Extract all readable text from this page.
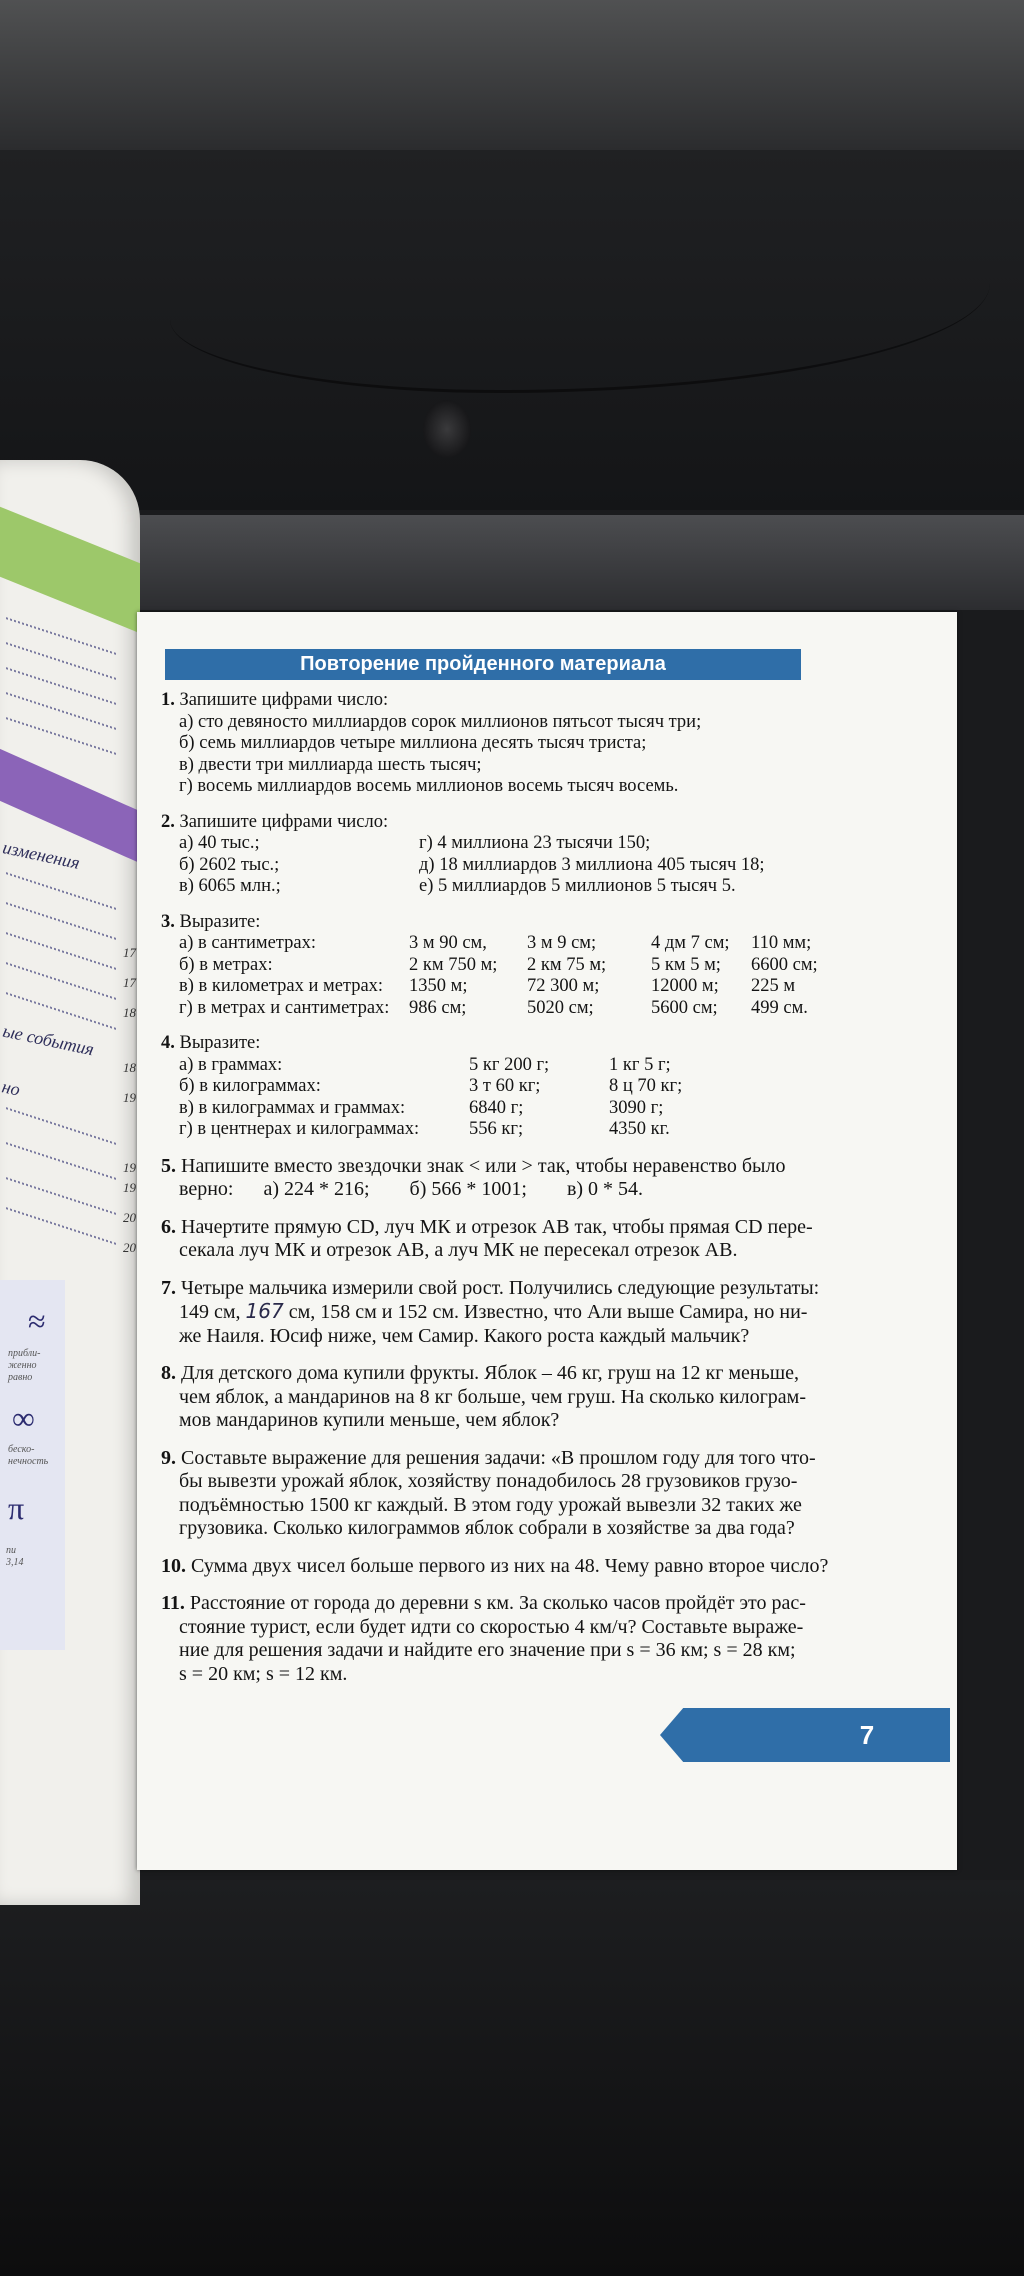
изменения
ые события
но
17
17
18
18
19
19
19
20
20
≈
прибли-
женно
равно
∞
беско-
нечность
π
пи
3,14
Повторение пройденного материала

1. Запишите цифрами число:

а) сто девяносто миллиардов сорок миллионов пятьсот тысяч три;

б) семь миллиардов четыре миллиона десять тысяч триста;

в) двести три миллиарда шесть тысяч;

г) восемь миллиардов восемь миллионов восемь тысяч восемь.

2. Запишите цифрами число:

а) 40 тыс.;	г) 4 миллиона 23 тысячи 150;
б) 2602 тыс.;	д) 18 миллиардов 3 миллиона 405 тысяч 18;
в) 6065 млн.;	е) 5 миллиардов 5 миллионов 5 тысяч 5.

3. Выразите:

а) в сантиметрах:	3 м 90 см,	3 м 9 см;	4 дм 7 см;	110 мм;
б) в метрах:	2 км 750 м;	2 км 75 м;	5 км 5 м;	6600 см;
в) в километрах и метрах:	1350 м;	72 300 м;	12000 м;	225 м
г) в метрах и сантиметрах:	986 см;	5020 см;	5600 см;	499 см.

4. Выразите:

а) в граммах:	5 кг 200 г;	1 кг 5 г;
б) в килограммах:	3 т 60 кг;	8 ц 70 кг;
в) в килограммах и граммах:	6840 г;	3090 г;
г) в центнерах и килограммах:	556 кг;	4350 кг.

5. Напишите вместо звездочки знак < или > так, чтобы неравенство было

верно:      а) 224 * 216;        б) 566 * 1001;        в) 0 * 54.

6. Начертите прямую CD, луч МК и отрезок АВ так, чтобы прямая CD пере-

секала луч МК и отрезок АВ, а луч МК не пересекал отрезок АВ.

7. Четыре мальчика измерили свой рост. Получились следующие результаты:

149 см, 167 см, 158 см и 152 см. Известно, что Али выше Самира, но ни-

же Наиля. Юсиф ниже, чем Самир. Какого роста каждый мальчик?

8. Для детского дома купили фрукты. Яблок – 46 кг, груш на 12 кг меньше,

чем яблок, а мандаринов на 8 кг больше, чем груш. На сколько килограм-

мов мандаринов купили меньше, чем яблок?

9. Составьте выражение для решения задачи: «В прошлом году для того что-

бы вывезти урожай яблок, хозяйству понадобилось 28 грузовиков грузо-

подъёмностью 1500 кг каждый. В этом году урожай вывезли 32 таких же

грузовика. Сколько килограммов яблок собрали в хозяйстве за два года?

10. Сумма двух чисел больше первого из них на 48. Чему равно второе число?

11. Расстояние от города до деревни s км. За сколько часов пройдёт это рас-

стояние турист, если будет идти со скоростью 4 км/ч? Составьте выраже-

ние для решения задачи и найдите его значение при s = 36 км; s = 28 км;

s = 20 км; s = 12 км.

7
